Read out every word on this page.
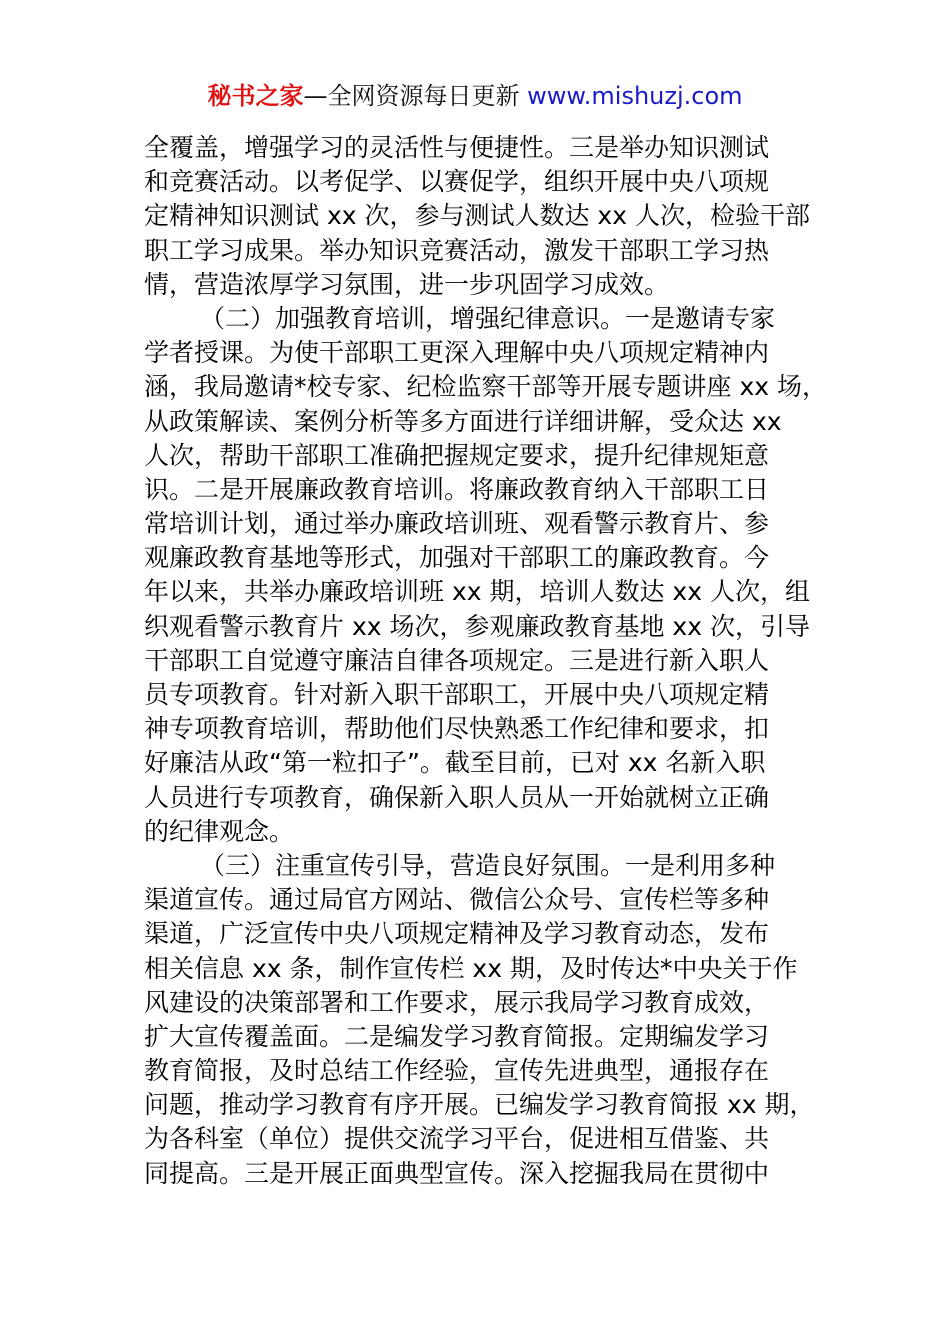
秘书之家—全网资源每日更新 www.mishuzj.com
全覆盖，增强学习的灵活性与便捷性。三是举办知识测试
和竞赛活动。以考促学、以赛促学，组织开展中央八项规
定精神知识测试 xx 次，参与测试人数达 xx 人次，检验干部
职工学习成果。举办知识竞赛活动，激发干部职工学习热
情，营造浓厚学习氛围，进一步巩固学习成效。
（二）加强教育培训，增强纪律意识。一是邀请专家
学者授课。为使干部职工更深入理解中央八项规定精神内
涵，我局邀请*校专家、纪检监察干部等开展专题讲座 xx 场，
从政策解读、案例分析等多方面进行详细讲解，受众达 xx
人次，帮助干部职工准确把握规定要求，提升纪律规矩意
识。二是开展廉政教育培训。将廉政教育纳入干部职工日
常培训计划，通过举办廉政培训班、观看警示教育片、参
观廉政教育基地等形式，加强对干部职工的廉政教育。今
年以来，共举办廉政培训班 xx 期，培训人数达 xx 人次，组
织观看警示教育片 xx 场次，参观廉政教育基地 xx 次，引导
干部职工自觉遵守廉洁自律各项规定。三是进行新入职人
员专项教育。针对新入职干部职工，开展中央八项规定精
神专项教育培训，帮助他们尽快熟悉工作纪律和要求，扣
好廉洁从政“第一粒扣子”。截至目前，已对 xx 名新入职
人员进行专项教育，确保新入职人员从一开始就树立正确
的纪律观念。
（三）注重宣传引导，营造良好氛围。一是利用多种
渠道宣传。通过局官方网站、微信公众号、宣传栏等多种
渠道，广泛宣传中央八项规定精神及学习教育动态，发布
相关信息 xx 条，制作宣传栏 xx 期，及时传达*中央关于作
风建设的决策部署和工作要求，展示我局学习教育成效，
扩大宣传覆盖面。二是编发学习教育简报。定期编发学习
教育简报，及时总结工作经验，宣传先进典型，通报存在
问题，推动学习教育有序开展。已编发学习教育简报 xx 期，
为各科室（单位）提供交流学习平台，促进相互借鉴、共
同提高。三是开展正面典型宣传。深入挖掘我局在贯彻中
